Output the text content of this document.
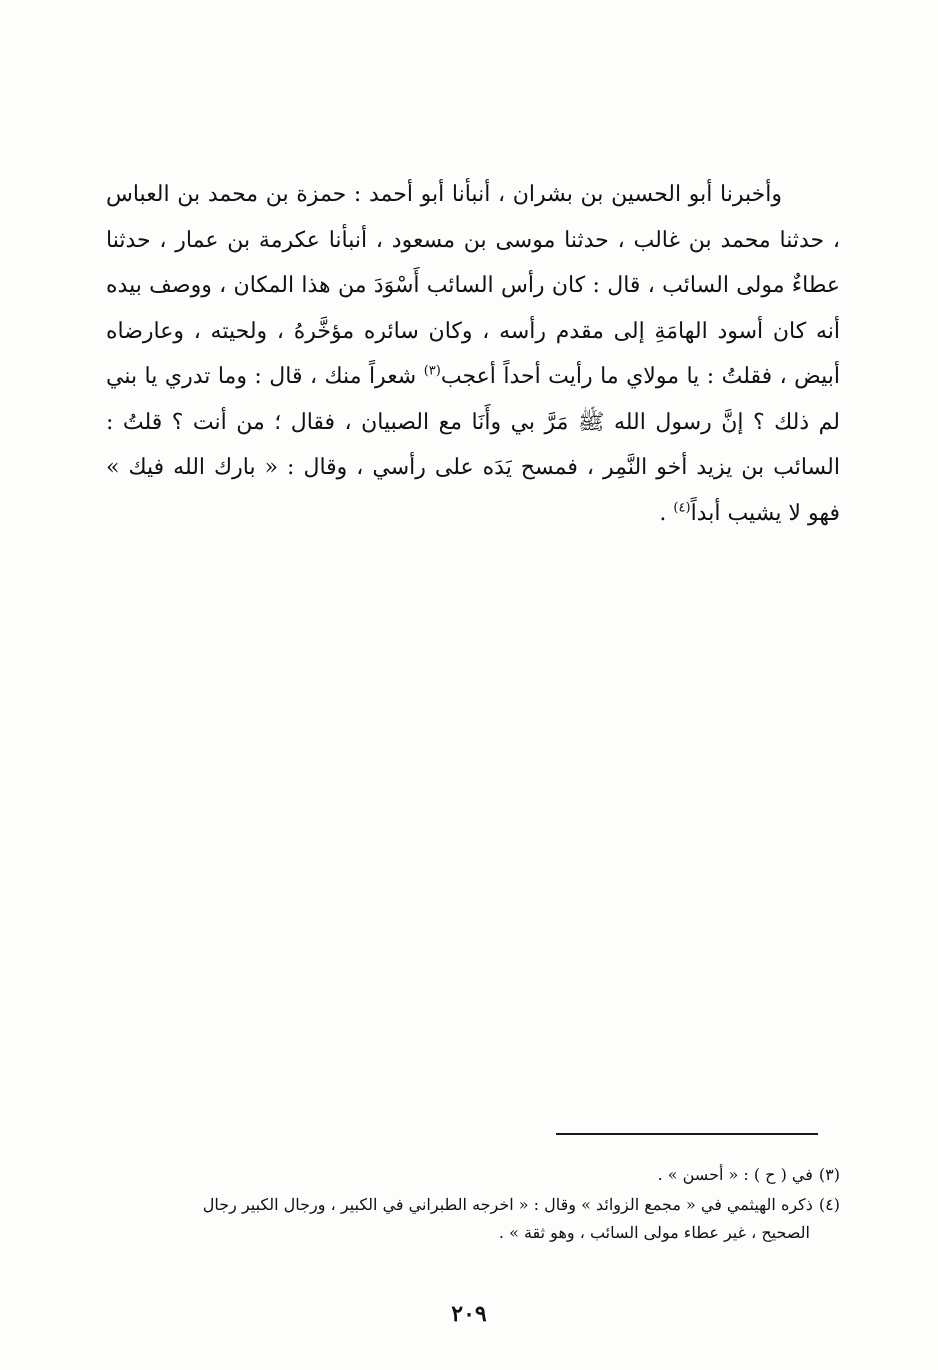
وأخبرنا أبو الحسين بن بشران ، أنبأنا أبو أحمد : حمزة بن محمد بن العباس ، حدثنا محمد بن غالب ، حدثنا موسى بن مسعود ، أنبأنا عكرمة بن عمار ، حدثنا عطاءٌ مولى السائب ، قال : كان رأس السائب أَسْوَدَ من هذا المكان ، ووصف بيده أنه كان أسود الهامَةِ إلى مقدم رأسه ، وكان سائره مؤخَّرهُ ، ولحيته ، وعارضاه أبيض ، فقلتُ : يا مولاي ما رأيت أحداً أعجب$^{(٣)}$ شعراً منك ، قال : وما تدري يا بني لم ذلك ؟ إنَّ رسول الله ﷺ مَرَّ بي وأَنَا مع الصبيان ، فقال ؛ من أنت ؟ قلتُ : السائب بن يزيد أخو النَّمِر ، فمسح يَدَه على رأسي ، وقال : « بارك الله فيك » فهو لا يشيب أبداً$^{(٤)}$ .

(٣)في ( ح ) : « أحسن » .

(٤)ذكره الهيثمي في « مجمع الزوائد » وقال : « اخرجه الطبراني في الكبير ، ورجال الكبير رجال
الصحيح ، غير عطاء مولى السائب ، وهو ثقة » .

٢٠٩
